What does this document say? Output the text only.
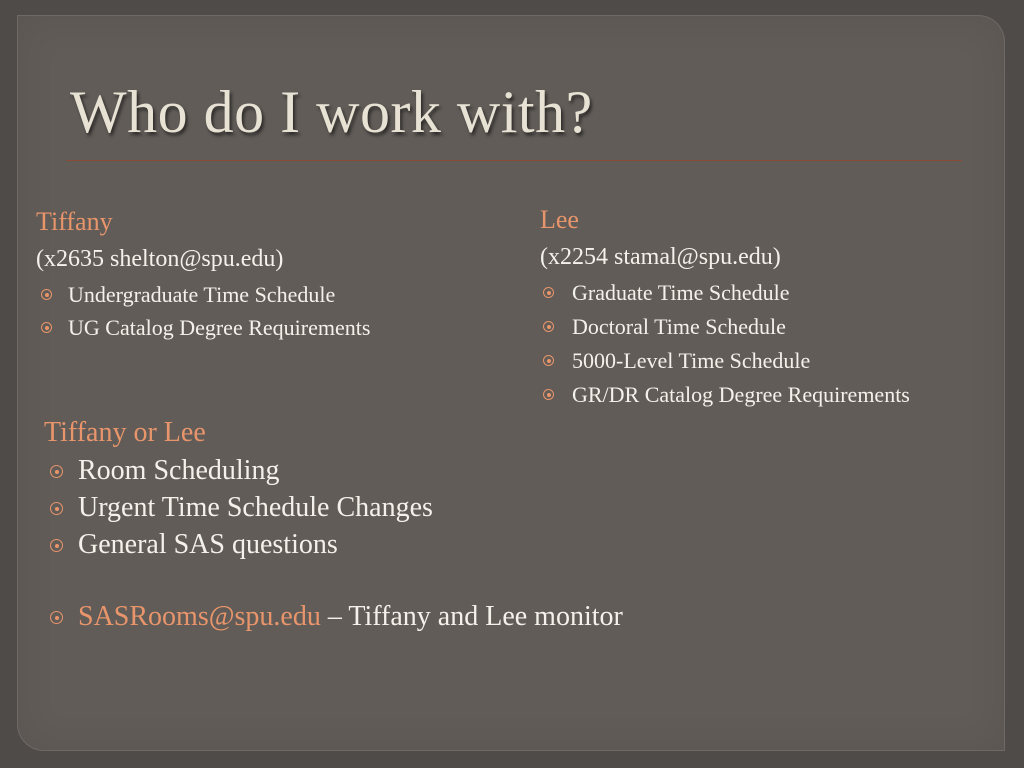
Who do I work with?
Tiffany
(x2635 shelton@spu.edu)
Undergraduate Time Schedule
UG Catalog Degree Requirements
Lee
(x2254 stamal@spu.edu)
Graduate Time Schedule
Doctoral Time Schedule
5000-Level Time Schedule
GR/DR Catalog Degree Requirements
Tiffany or Lee
Room Scheduling
Urgent Time Schedule Changes
General SAS questions
SASRooms@spu.edu – Tiffany and Lee monitor
